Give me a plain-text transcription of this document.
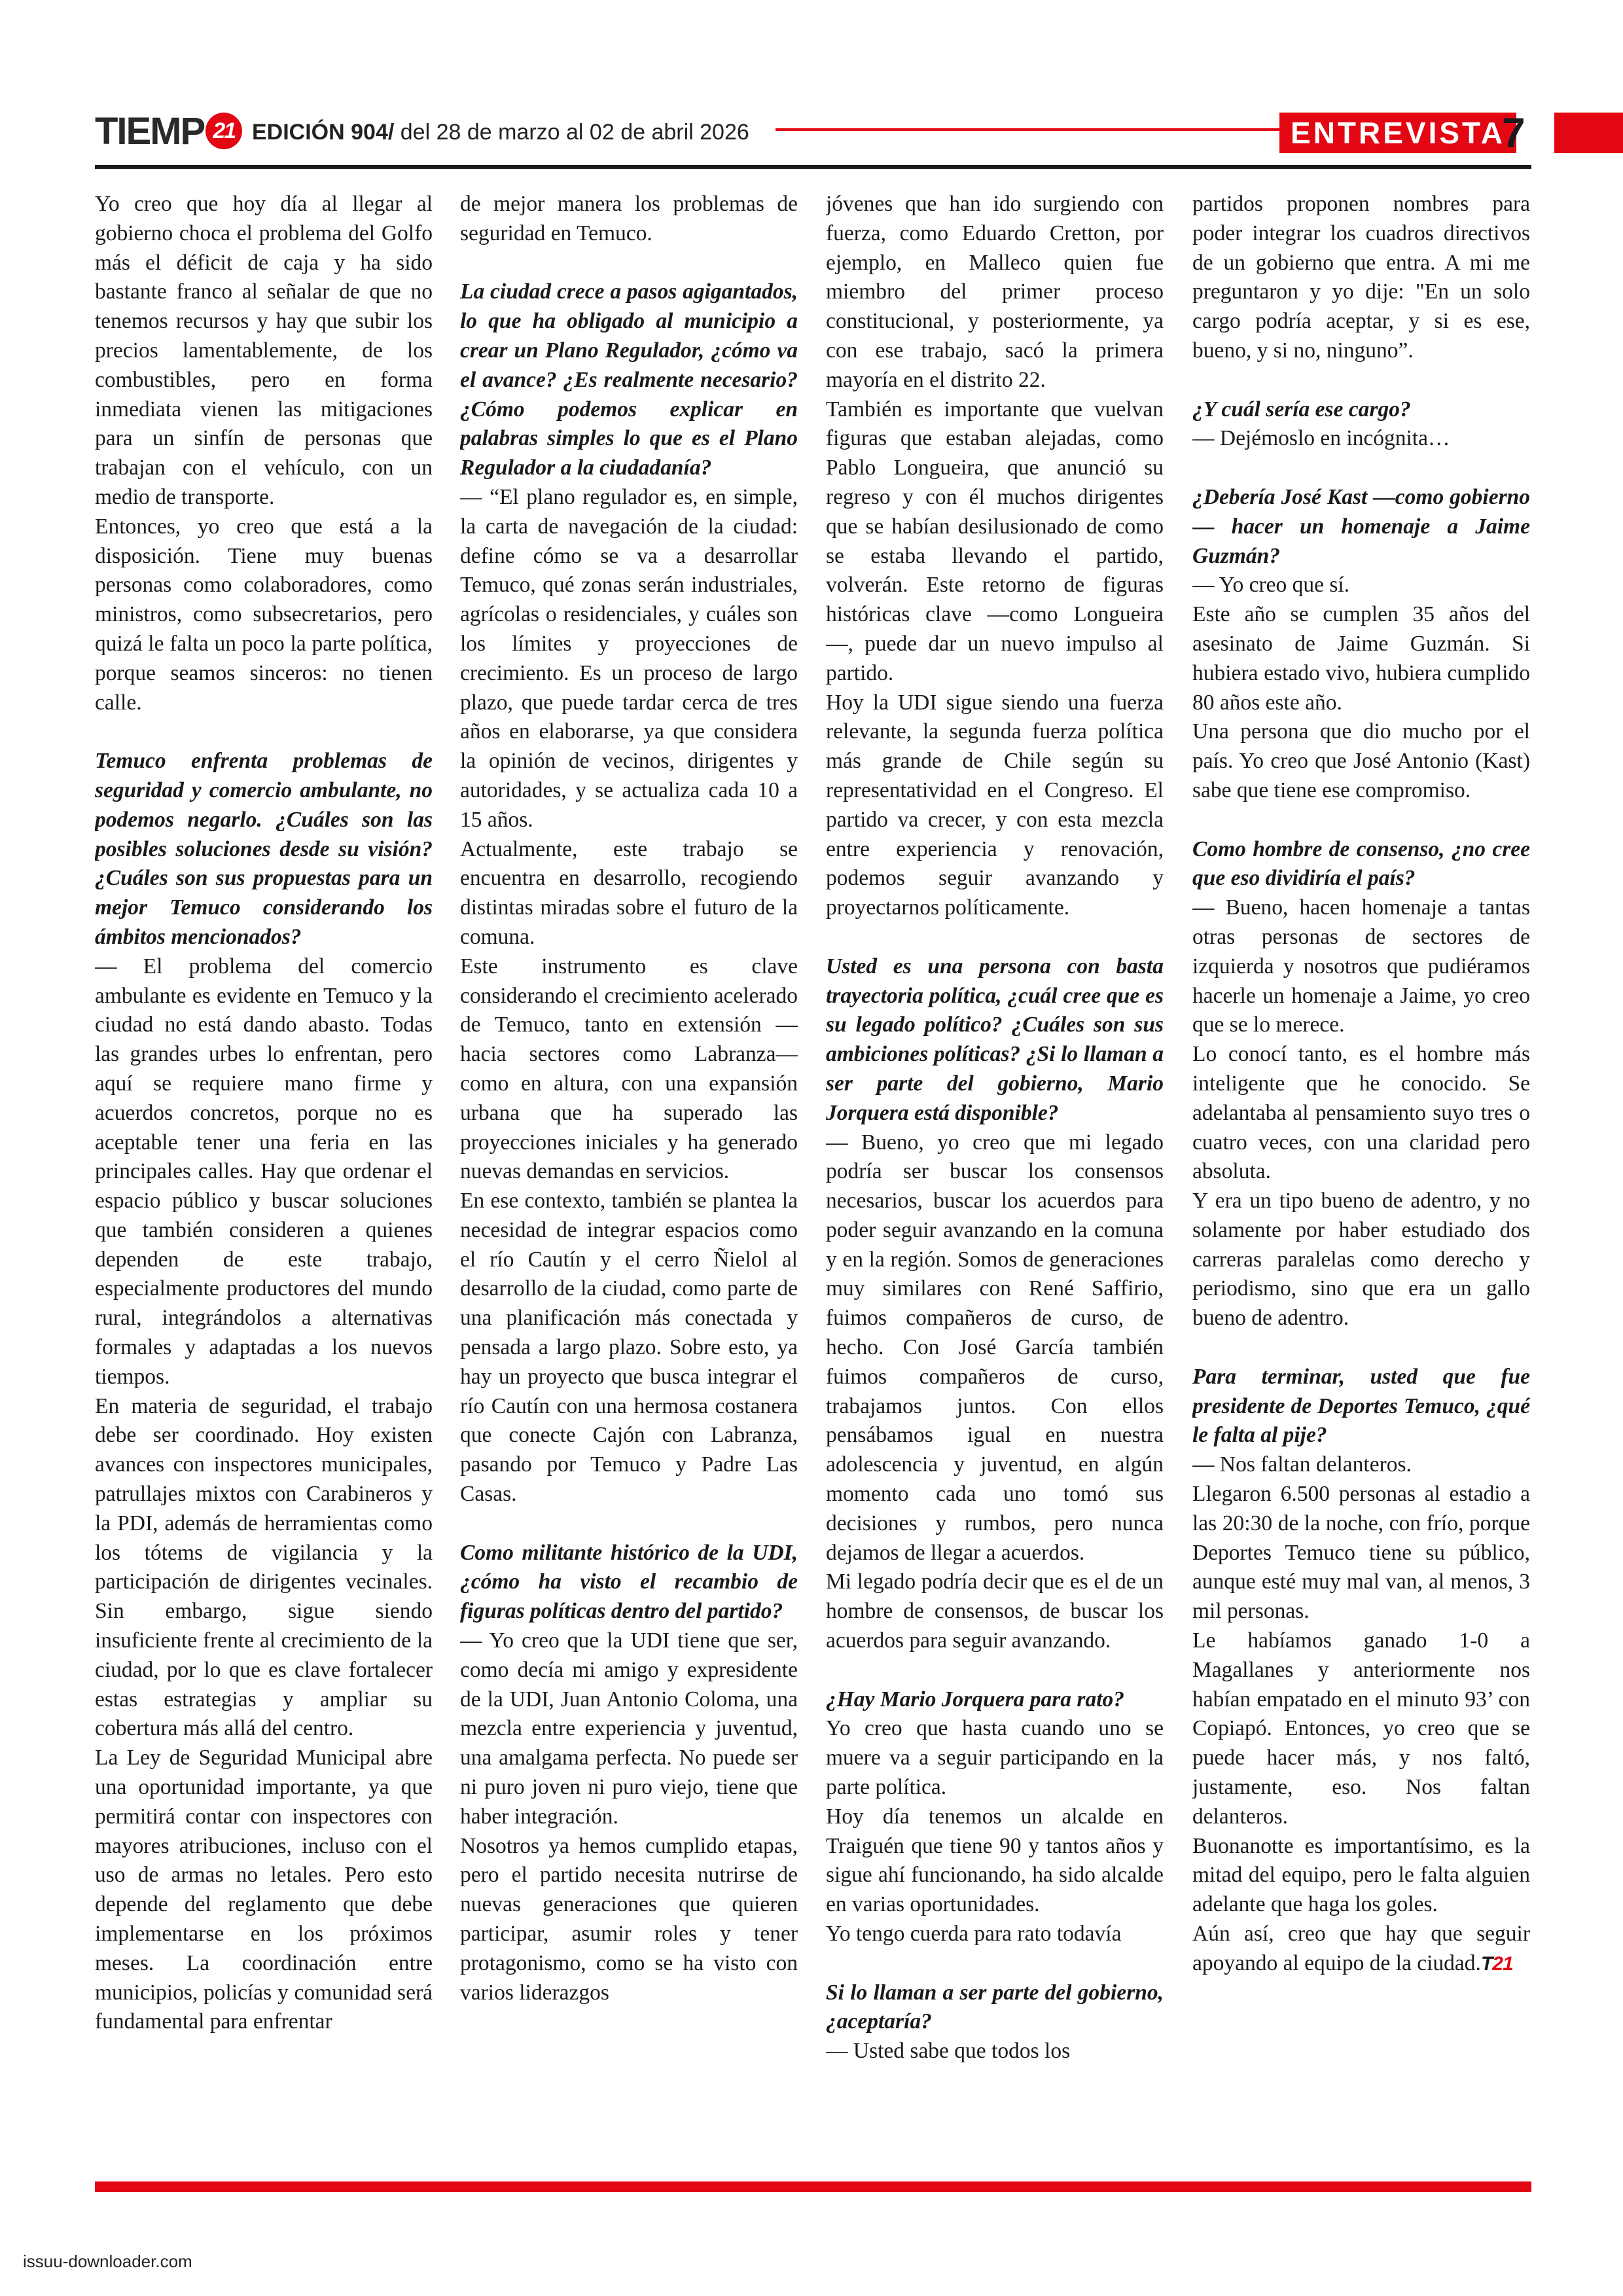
TIEMP 21 EDICIÓN 904/ del 28 de marzo al 02 de abril 2026	ENTREVISTA
7

Yo creo que hoy día al llegar al gobierno choca el problema del Golfo más el déficit de caja y ha sido bastante franco al señalar de que no tenemos recursos y hay que subir los precios lamentablemente, de los combustibles, pero en forma inmediata vienen las mitigaciones para un sinfín de personas que trabajan con el vehículo, con un medio de transporte.

Entonces, yo creo que está a la disposición. Tiene muy buenas personas como colaboradores, como ministros, como subsecretarios, pero quizá le falta un poco la parte política, porque seamos sinceros: no tienen calle.

Temuco enfrenta problemas de seguridad y comercio ambulante, no podemos negarlo. ¿Cuáles son las posibles soluciones desde su visión? ¿Cuáles son sus propuestas para un mejor Temuco considerando los ámbitos mencionados?

— El problema del comercio ambulante es evidente en Temuco y la ciudad no está dando abasto. Todas las grandes urbes lo enfrentan, pero aquí se requiere mano firme y acuerdos concretos, porque no es aceptable tener una feria en las principales calles. Hay que ordenar el espacio público y buscar soluciones que también consideren a quienes dependen de este trabajo, especialmente productores del mundo rural, integrándolos a alternativas formales y adaptadas a los nuevos tiempos.

En materia de seguridad, el trabajo debe ser coordinado. Hoy existen avances con inspectores municipales, patrullajes mixtos con Carabineros y la PDI, además de herramientas como los tótems de vigilancia y la participación de dirigentes vecinales. Sin embargo, sigue siendo insuficiente frente al crecimiento de la ciudad, por lo que es clave fortalecer estas estrategias y ampliar su cobertura más allá del centro.

La Ley de Seguridad Municipal abre una oportunidad importante, ya que permitirá contar con inspectores con mayores atribuciones, incluso con el uso de armas no letales. Pero esto depende del reglamento que debe implementarse en los próximos meses. La coordinación entre municipios, policías y comunidad será fundamental para enfrentar

de mejor manera los problemas de seguridad en Temuco.

La ciudad crece a pasos agigantados, lo que ha obligado al municipio a crear un Plano Regulador, ¿cómo va el avance? ¿Es realmente necesario? ¿Cómo podemos explicar en palabras simples lo que es el Plano Regulador a la ciudadanía?

— “El plano regulador es, en simple, la carta de navegación de la ciudad: define cómo se va a desarrollar Temuco, qué zonas serán industriales, agrícolas o residenciales, y cuáles son los límites y proyecciones de crecimiento. Es un proceso de largo plazo, que puede tardar cerca de tres años en elaborarse, ya que considera la opinión de vecinos, dirigentes y autoridades, y se actualiza cada 10 a 15 años.

Actualmente, este trabajo se encuentra en desarrollo, recogiendo distintas miradas sobre el futuro de la comuna.

Este instrumento es clave considerando el crecimiento acelerado de Temuco, tanto en extensión —hacia sectores como Labranza— como en altura, con una expansión urbana que ha superado las proyecciones iniciales y ha generado nuevas demandas en servicios.

En ese contexto, también se plantea la necesidad de integrar espacios como el río Cautín y el cerro Ñielol al desarrollo de la ciudad, como parte de una planificación más conectada y pensada a largo plazo. Sobre esto, ya hay un proyecto que busca integrar el río Cautín con una hermosa costanera que conecte Cajón con Labranza, pasando por Temuco y Padre Las Casas.

Como militante histórico de la UDI, ¿cómo ha visto el recambio de figuras políticas dentro del partido?

— Yo creo que la UDI tiene que ser, como decía mi amigo y expresidente de la UDI, Juan Antonio Coloma, una mezcla entre experiencia y juventud, una amalgama perfecta. No puede ser ni puro joven ni puro viejo, tiene que haber integración.

Nosotros ya hemos cumplido etapas, pero el partido necesita nutrirse de nuevas generaciones que quieren participar, asumir roles y tener protagonismo, como se ha visto con varios liderazgos

jóvenes que han ido surgiendo con fuerza, como Eduardo Cretton, por ejemplo, en Malleco quien fue miembro del primer proceso constitucional, y posteriormente, ya con ese trabajo, sacó la primera mayoría en el distrito 22.

También es importante que vuelvan figuras que estaban alejadas, como Pablo Longueira, que anunció su regreso y con él muchos dirigentes que se habían desilusionado de como se estaba llevando el partido, volverán. Este retorno de figuras históricas clave —como Longueira —, puede dar un nuevo impulso al partido.

Hoy la UDI sigue siendo una fuerza relevante, la segunda fuerza política más grande de Chile según su representatividad en el Congreso. El partido va crecer, y con esta mezcla entre experiencia y renovación, podemos seguir avanzando y proyectarnos políticamente.

Usted es una persona con basta trayectoria política, ¿cuál cree que es su legado político? ¿Cuáles son sus ambiciones políticas? ¿Si lo llaman a ser parte del gobierno, Mario Jorquera está disponible?

— Bueno, yo creo que mi legado podría ser buscar los consensos necesarios, buscar los acuerdos para poder seguir avanzando en la comuna y en la región. Somos de generaciones muy similares con René Saffirio, fuimos compañeros de curso, de hecho. Con José García también fuimos compañeros de curso, trabajamos juntos. Con ellos pensábamos igual en nuestra adolescencia y juventud, en algún momento cada uno tomó sus decisiones y rumbos, pero nunca dejamos de llegar a acuerdos.

Mi legado podría decir que es el de un hombre de consensos, de buscar los acuerdos para seguir avanzando.

¿Hay Mario Jorquera para rato?

Yo creo que hasta cuando uno se muere va a seguir participando en la parte política.

Hoy día tenemos un alcalde en Traiguén que tiene 90 y tantos años y sigue ahí funcionando, ha sido alcalde en varias oportunidades.

Yo tengo cuerda para rato todavía

Si lo llaman a ser parte del gobierno, ¿aceptaría?

— Usted sabe que todos los

partidos proponen nombres para poder integrar los cuadros directivos de un gobierno que entra. A mi me preguntaron y yo dije: "En un solo cargo podría aceptar, y si es ese, bueno, y si no, ninguno”.

¿Y cuál sería ese cargo?

— Dejémoslo en incógnita…

¿Debería José Kast —como gobierno— hacer un homenaje a Jaime Guzmán?

— Yo creo que sí.

Este año se cumplen 35 años del asesinato de Jaime Guzmán. Si hubiera estado vivo, hubiera cumplido 80 años este año.

Una persona que dio mucho por el país. Yo creo que José Antonio (Kast) sabe que tiene ese compromiso.

Como hombre de consenso, ¿no cree que eso dividiría el país?

— Bueno, hacen homenaje a tantas otras personas de sectores de izquierda y nosotros que pudiéramos hacerle un homenaje a Jaime, yo creo que se lo merece.

Lo conocí tanto, es el hombre más inteligente que he conocido. Se adelantaba al pensamiento suyo tres o cuatro veces, con una claridad pero absoluta.

Y era un tipo bueno de adentro, y no solamente por haber estudiado dos carreras paralelas como derecho y periodismo, sino que era un gallo bueno de adentro.

Para terminar, usted que fue presidente de Deportes Temuco, ¿qué le falta al pije?

— Nos faltan delanteros.

Llegaron 6.500 personas al estadio a las 20:30 de la noche, con frío, porque Deportes Temuco tiene su público, aunque esté muy mal van, al menos, 3 mil personas.

Le habíamos ganado 1-0 a Magallanes y anteriormente nos habían empatado en el minuto 93’ con Copiapó. Entonces, yo creo que se puede hacer más, y nos faltó, justamente, eso. Nos faltan delanteros.

Buonanotte es importantísimo, es la mitad del equipo, pero le falta alguien adelante que haga los goles.

Aún así, creo que hay que seguir apoyando al equipo de la ciudad.T21

issuu-downloader.com
